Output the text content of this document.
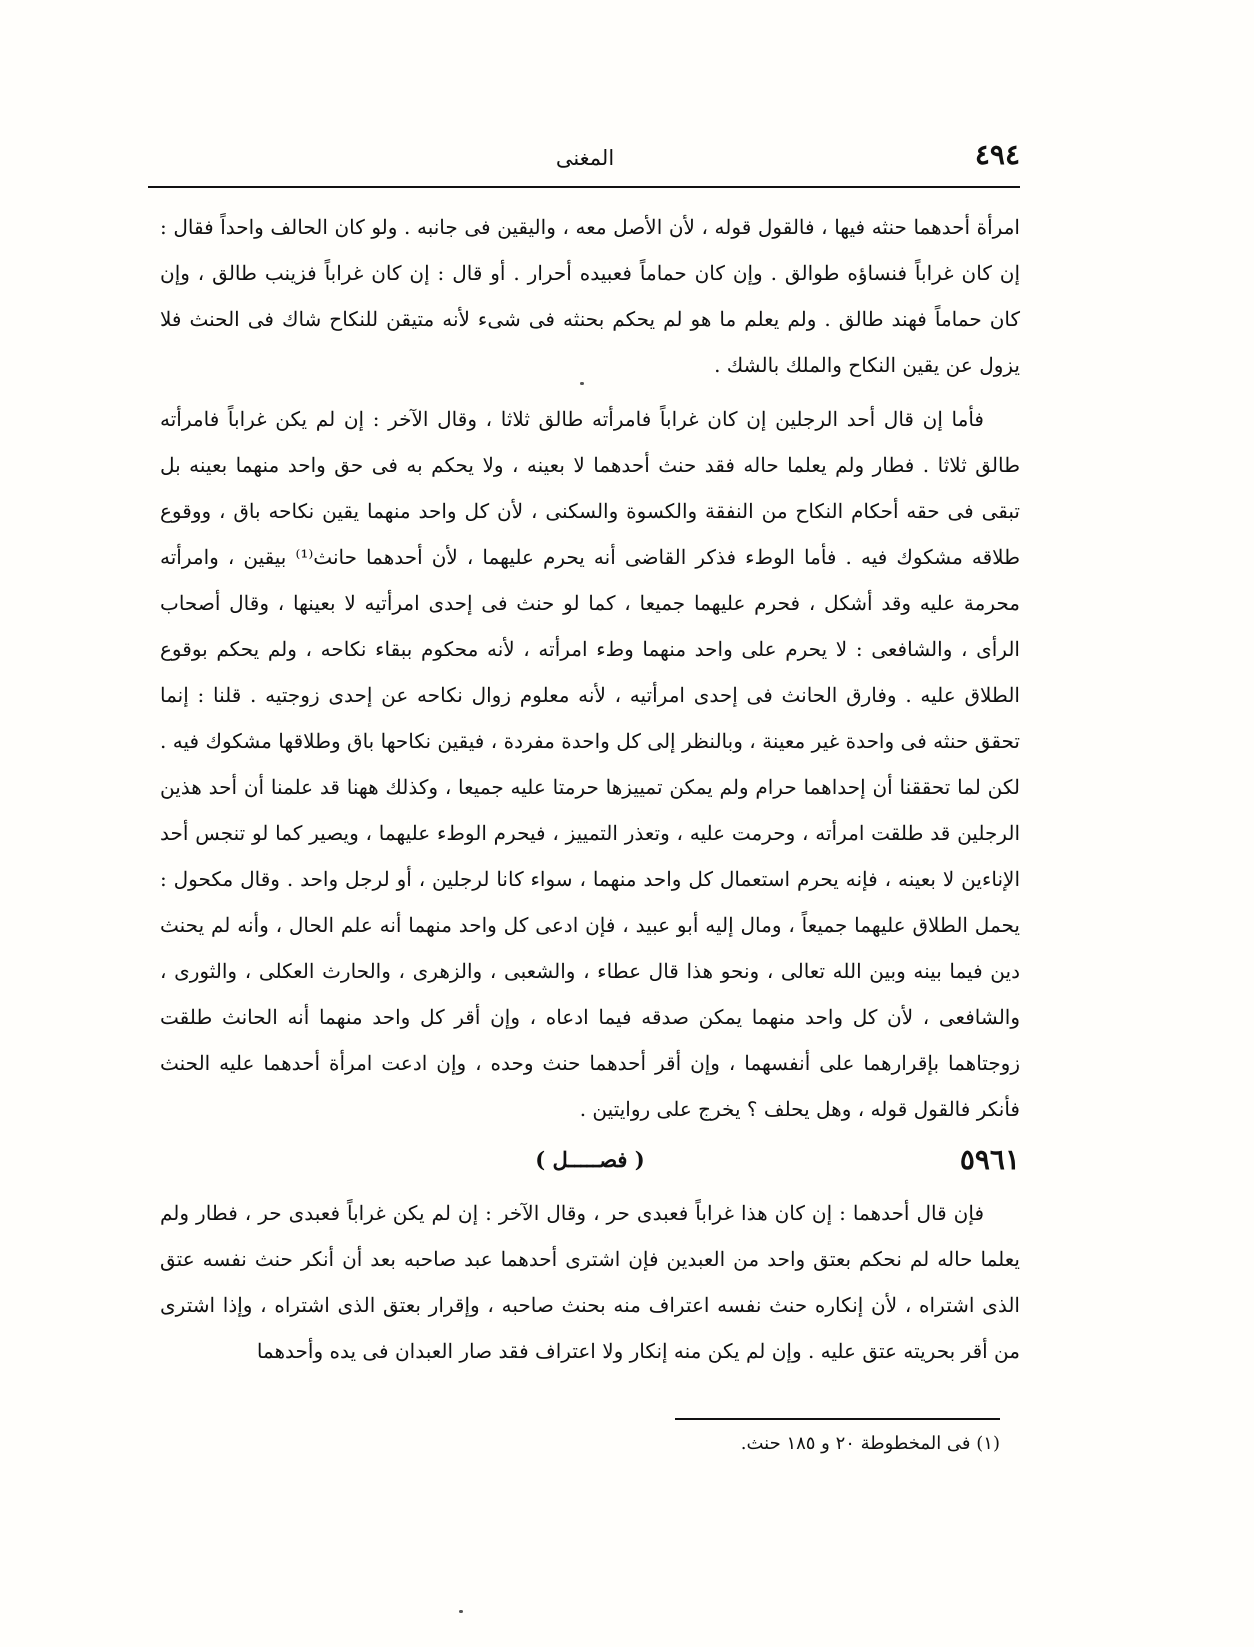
٤٩٤
المغنى

امرأة أحدهما حنثه فيها ، فالقول قوله ، لأن الأصل معه ، واليقين فى جانبه . ولو كان الحالف واحداً فقال : إن كان غراباً فنساؤه طوالق . وإن كان حماماً فعبيده أحرار . أو قال : إن كان غراباً فزينب طالق ، وإن كان حماماً فهند طالق . ولم يعلم ما هو لم يحكم بحنثه فى شىء لأنه متيقن للنكاح شاك فى الحنث فلا يزول عن يقين النكاح والملك بالشك .

فأما إن قال أحد الرجلين إن كان غراباً فامرأته طالق ثلاثا ، وقال الآخر : إن لم يكن غراباً فامرأته طالق ثلاثا . فطار ولم يعلما حاله فقد حنث أحدهما لا بعينه ، ولا يحكم به فى حق واحد منهما بعينه بل تبقى فى حقه أحكام النكاح من النفقة والكسوة والسكنى ، لأن كل واحد منهما يقين نكاحه باق ، ووقوع طلاقه مشكوك فيه . فأما الوطء فذكر القاضى أنه يحرم عليهما ، لأن أحدهما حانث⁽¹⁾ بيقين ، وامرأته محرمة عليه وقد أشكل ، فحرم عليهما جميعا ، كما لو حنث فى إحدى امرأتيه لا بعينها ، وقال أصحاب الرأى ، والشافعى : لا يحرم على واحد منهما وطء امرأته ، لأنه محكوم ببقاء نكاحه ، ولم يحكم بوقوع الطلاق عليه . وفارق الحانث فى إحدى امرأتيه ، لأنه معلوم زوال نكاحه عن إحدى زوجتيه . قلنا : إنما تحقق حنثه فى واحدة غير معينة ، وبالنظر إلى كل واحدة مفردة ، فيقين نكاحها باق وطلاقها مشكوك فيه . لكن لما تحققنا أن إحداهما حرام ولم يمكن تمييزها حرمتا عليه جميعا ، وكذلك ههنا قد علمنا أن أحد هذين الرجلين قد طلقت امرأته ، وحرمت عليه ، وتعذر التمييز ، فيحرم الوطء عليهما ، ويصير كما لو تنجس أحد الإناءين لا بعينه ، فإنه يحرم استعمال كل واحد منهما ، سواء كانا لرجلين ، أو لرجل واحد . وقال مكحول : يحمل الطلاق عليهما جميعاً ، ومال إليه أبو عبيد ، فإن ادعى كل واحد منهما أنه علم الحال ، وأنه لم يحنث دين فيما بينه وبين الله تعالى ، ونحو هذا قال عطاء ، والشعبى ، والزهرى ، والحارث العكلى ، والثورى ، والشافعى ، لأن كل واحد منهما يمكن صدقه فيما ادعاه ، وإن أقر كل واحد منهما أنه الحانث طلقت زوجتاهما بإقرارهما على أنفسهما ، وإن أقر أحدهما حنث وحده ، وإن ادعت امرأة أحدهما عليه الحنث فأنكر فالقول قوله ، وهل يحلف ؟ يخرج على روايتين .

٥٩٦١
( فصـــــل )

فإن قال أحدهما : إن كان هذا غراباً فعبدى حر ، وقال الآخر : إن لم يكن غراباً فعبدى حر ، فطار ولم يعلما حاله لم نحكم بعتق واحد من العبدين فإن اشترى أحدهما عبد صاحبه بعد أن أنكر حنث نفسه عتق الذى اشتراه ، لأن إنكاره حنث نفسه اعتراف منه بحنث صاحبه ، وإقرار بعتق الذى اشتراه ، وإذا اشترى من أقر بحريته عتق عليه . وإن لم يكن منه إنكار ولا اعتراف فقد صار العبدان فى يده وأحدهما

(١) فى المخطوطة ٢٠ و ١٨٥ حنث.
